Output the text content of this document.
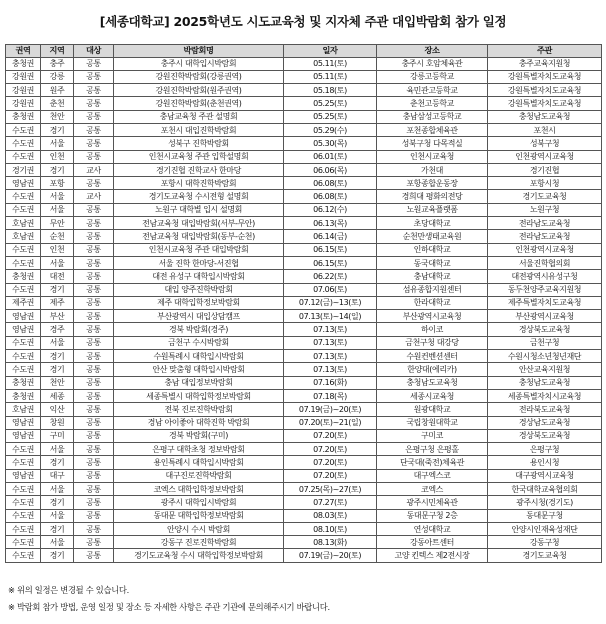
[세종대학교] 2025학년도 시도교육청 및 지자체 주관 대입박람회 참가 일정
권역	지역	대상	박람회명	일자	장소	주관
충청권	충주	공통	충주시 대학입시박람회	05.11(토)	충주시 호암체육관	충주교육지원청
강원권	강릉	공통	강원진학박람회(강릉권역)	05.11(토)	강릉고등학교	강원특별자치도교육청
강원권	원주	공통	강원진학박람회(원주권역)	05.18(토)	육민관고등학교	강원특별자치도교육청
강원권	춘천	공통	강원진학박람회(춘천권역)	05.25(토)	춘천고등학교	강원특별자치도교육청
충청권	천안	공통	충남교육청 주관 설명회	05.25(토)	충남삼성고등학교	충청남도교육청
수도권	경기	공통	포천시 대입진학박람회	05.29(수)	포천종합체육관	포천시
수도권	서울	공통	성북구 진학박람회	05.30(목)	성북구청 다목적실	성북구청
수도권	인천	공통	인천시교육청 주관 입학설명회	06.01(토)	인천시교육청	인천광역시교육청
경기권	경기	교사	경기진협 진학교사 한마당	06.06(목)	가천대	경기진협
영남권	포항	공통	포항시 대학진학박람회	06.08(토)	포항종합운동장	포항시청
수도권	서울	교사	경기도교육청 수시전형 설명회	06.08(토)	경희대 평화의전당	경기도교육청
수도권	서울	공통	노원구 대학별 입시 설명회	06.12(수)	노원교육플랫폼	노원구청
호남권	무안	공통	전남교육청 대입박람회(서부-무안)	06.13(목)	초당대학교	전라남도교육청
호남권	순천	공통	전남교육청 대입박람회(동부-순천)	06.14(금)	순천만생태교육원	전라남도교육청
수도권	인천	공통	인천시교육청 주관 대입박람회	06.15(토)	인하대학교	인천광역시교육청
수도권	서울	공통	서울 진학 한마당-서진협	06.15(토)	동국대학교	서울진학협의회
충청권	대전	공통	대전 유성구 대학입시박람회	06.22(토)	충남대학교	대전광역시유성구청
수도권	경기	공통	대입 양주진학박람회	07.06(토)	섬유종합지원센터	동두천양주교육지원청
제주권	제주	공통	제주 대학입학정보박람회	07.12(금)~13(토)	한라대학교	제주특별자치도교육청
영남권	부산	공통	부산광역시 대입상담캠프	07.13(토)~14(일)	부산광역시교육청	부산광역시교육청
영남권	경주	공통	경북 박람회(경주)	07.13(토)	하이코	경상북도교육청
수도권	서울	공통	금천구 수시박람회	07.13(토)	금천구청 대강당	금천구청
수도권	경기	공통	수원특례시 대학입시박람회	07.13(토)	수원컨벤션센터	수원시청소년청년재단
수도권	경기	공통	안산 맞춤형 대학입시박람회	07.13(토)	한양대(에리카)	안산교육지원청
충청권	천안	공통	충남 대입정보박람회	07.16(화)	충청남도교육청	충청남도교육청
충청권	세종	공통	세종특별시 대학입학정보박람회	07.18(목)	세종시교육청	세종특별자치시교육청
호남권	익산	공통	전북 진로진학박람회	07.19(금)~20(토)	원광대학교	전라북도교육청
영남권	창원	공통	경남 아이좋아 대학진학 박람회	07.20(토)~21(일)	국립창원대학교	경상남도교육청
영남권	구미	공통	경북 박람회(구미)	07.20(토)	구미코	경상북도교육청
수도권	서울	공통	은평구 대학초청 정보박람회	07.20(토)	은평구청 은평홀	은평구청
수도권	경기	공통	용인특례시 대학입시박람회	07.20(토)	단국대(죽전)체육관	용인시청
영남권	대구	공통	대구진로진학박람회	07.20(토)	대구엑스코	대구광역시교육청
수도권	서울	공통	코엑스 대학입학정보박람회	07.25(목)~27(토)	코엑스	한국대학교육협의회
수도권	경기	공통	광주시 대학입시박람회	07.27(토)	광주시민체육관	광주시청(경기도)
수도권	서울	공통	동대문 대학입학정보박람회	08.03(토)	동대문구청 2층	동대문구청
수도권	경기	공통	안양시 수시 박람회	08.10(토)	연성대학교	안양시인재육성재단
수도권	서울	공통	강동구 진로진학박람회	08.13(화)	강동아트센터	강동구청
수도권	경기	공통	경기도교육청 수시 대학입학정보박람회	07.19(금)~20(토)	고양 킨텍스 제2전시장	경기도교육청

※ 위의 일정은 변경될 수 있습니다.

※ 박람회 참가 방법, 운영 일정 및 장소 등 자세한 사항은 주관 기관에 문의해주시기 바랍니다.
